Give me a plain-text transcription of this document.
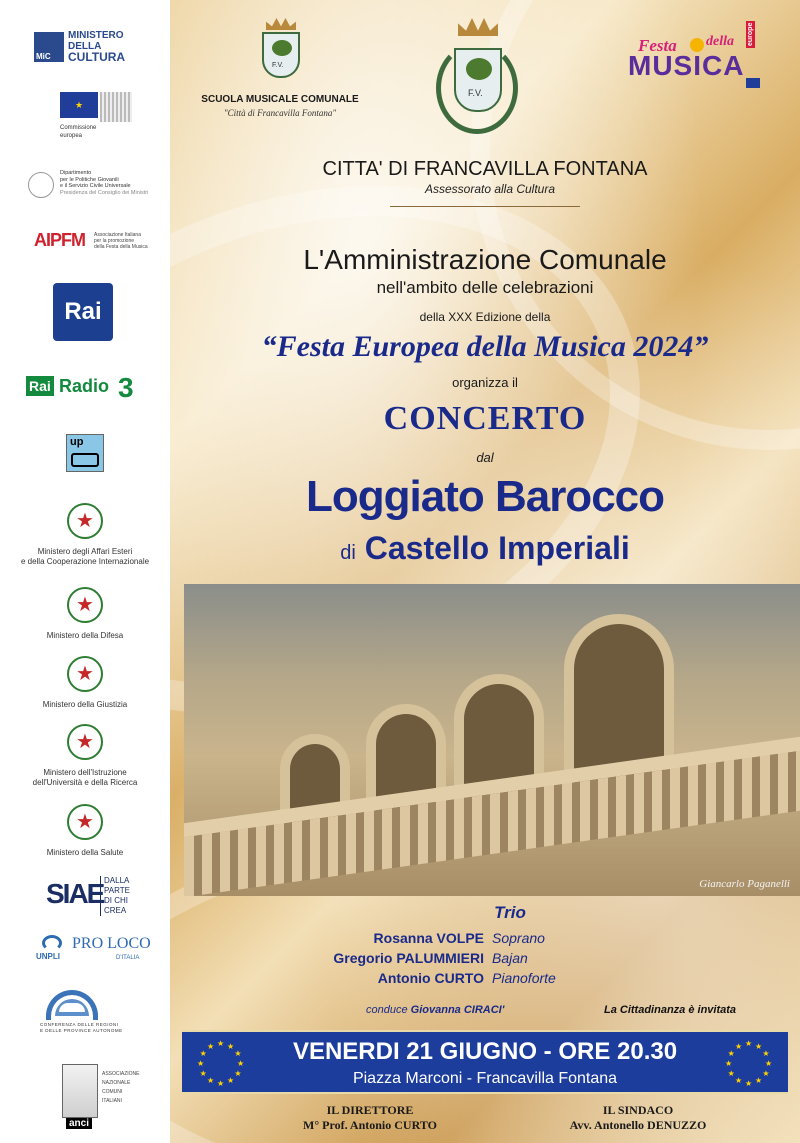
MiC
MINISTERO
DELLA
CULTURA
★
Commissione
europea
Dipartimento
per le Politiche Giovanili
e il Servizio Civile Universale
Presidenza del Consiglio dei Ministri
AIPFM Associazione Italiana
per la promozione
della Festa della Musica
Rai
Rai Radio 3
up
★
Ministero degli Affari Esteri
e della Cooperazione Internazionale
★
Ministero della Difesa
★
Ministero della Giustizia
★
Ministero dell'Istruzione
dell'Università e della Ricerca
★
Ministero della Salute
SIAE DALLA
PARTE
DI CHI
CREA
UNPLI
PRO LOCO
D'ITALIA
CONFERENZA DELLE REGIONI
E DELLE PROVINCE AUTONOME
anci
ASSOCIAZIONE
NAZIONALE
COMUNI
ITALIANI
F.V.
SCUOLA MUSICALE COMUNALE
"Città di Francavilla Fontana"
F.V.
Festa della
MUSICA
europe
CITTA' DI FRANCAVILLA FONTANA
Assessorato alla Cultura
L'Amministrazione Comunale
nell'ambito delle celebrazioni
della XXX Edizione della
“Festa Europea della Musica 2024”
organizza il
CONCERTO
dal
Loggiato Barocco
di Castello Imperiali
Giancarlo Paganelli
Trio
Rosanna VOLPE Soprano
Gregorio PALUMMIERI Bajan
Antonio CURTO Pianoforte
conduce Giovanna CIRACI'	La Cittadinanza è invitata
★
★
★
★
★
★
★
★
★ ★ ★
★
★
★
★
★
★
★
★
★
★ ★ ★
★
VENERDI 21 GIUGNO - ORE 20.30
Piazza Marconi - Francavilla Fontana
IL DIRETTORE
M° Prof. Antonio CURTO
IL SINDACO
Avv. Antonello DENUZZO
